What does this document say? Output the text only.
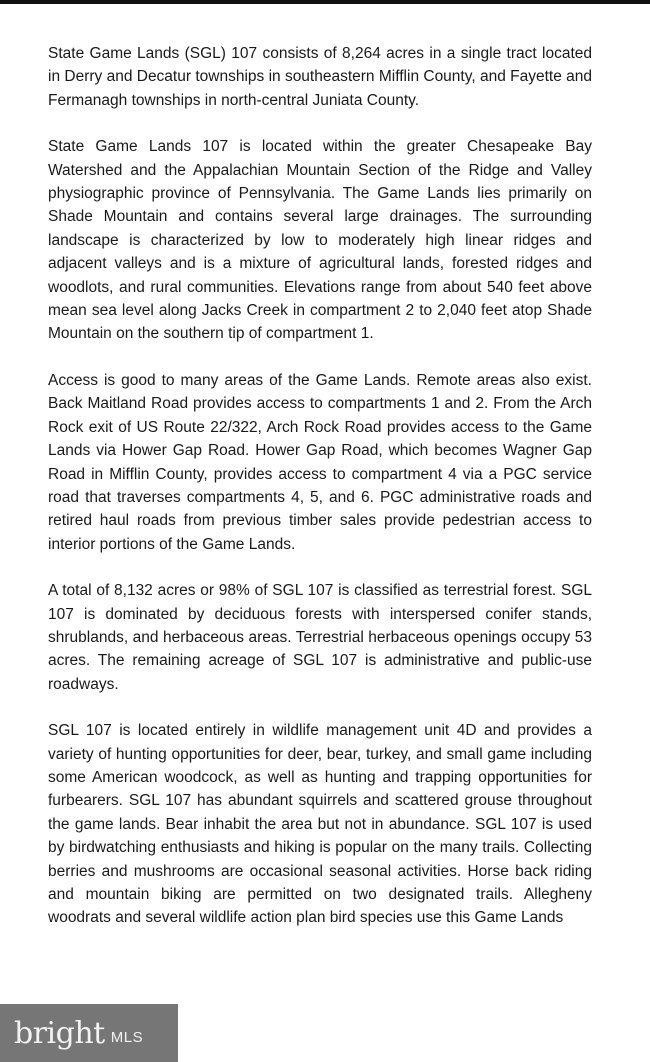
State Game Lands (SGL) 107 consists of 8,264 acres in a single tract located in Derry and Decatur townships in southeastern Mifflin County, and Fayette and Fermanagh townships in north-central Juniata County.

State Game Lands 107 is located within the greater Chesapeake Bay Watershed and the Appalachian Mountain Section of the Ridge and Valley physiographic province of Pennsylvania. The Game Lands lies primarily on Shade Mountain and contains several large drainages. The surrounding landscape is characterized by low to moderately high linear ridges and adjacent valleys and is a mixture of agricultural lands, forested ridges and woodlots, and rural communities. Elevations range from about 540 feet above mean sea level along Jacks Creek in compartment 2 to 2,040 feet atop Shade Mountain on the southern tip of compartment 1.

Access is good to many areas of the Game Lands. Remote areas also exist. Back Maitland Road provides access to compartments 1 and 2. From the Arch Rock exit of US Route 22/322, Arch Rock Road provides access to the Game Lands via Hower Gap Road. Hower Gap Road, which becomes Wagner Gap Road in Mifflin County, provides access to compartment 4 via a PGC service road that traverses compartments 4, 5, and 6. PGC administrative roads and retired haul roads from previous timber sales provide pedestrian access to interior portions of the Game Lands.

A total of 8,132 acres or 98% of SGL 107 is classified as terrestrial forest. SGL 107 is dominated by deciduous forests with interspersed conifer stands, shrublands, and herbaceous areas. Terrestrial herbaceous openings occupy 53 acres. The remaining acreage of SGL 107 is administrative and public-use roadways.

SGL 107 is located entirely in wildlife management unit 4D and provides a variety of hunting opportunities for deer, bear, turkey, and small game including some American woodcock, as well as hunting and trapping opportunities for furbearers. SGL 107 has abundant squirrels and scattered grouse throughout the game lands. Bear inhabit the area but not in abundance. SGL 107 is used by birdwatching enthusiasts and hiking is popular on the many trails. Collecting berries and mushrooms are occasional seasonal activities. Horse back riding and mountain biking are permitted on two designated trails. Allegheny woodrats and several wildlife action plan bird species use this Game Lands

bright MLS
